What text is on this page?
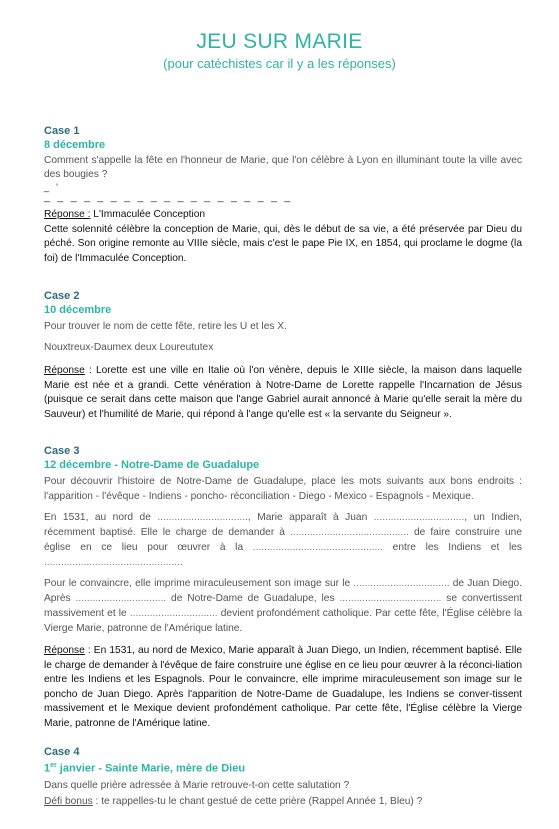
JEU SUR MARIE
(pour catéchistes car il y a les réponses)
Case 1
8 décembre
Comment s'appelle la fête en l'honneur de Marie, que l'on célèbre à Lyon en illuminant toute la ville avec des bougies ?
_ '
_ _ _ _ _ _ _ _ _ _ _ _ _ _ _ _ _ _ _
Réponse : L'Immaculée Conception
Cette solennité célèbre la conception de Marie, qui, dès le début de sa vie, a été préservée par Dieu du péché. Son origine remonte au VIIIe siècle, mais c'est le pape Pie IX, en 1854, qui proclame le dogme (la foi) de l'Immaculée Conception.
Case 2
10 décembre
Pour trouver le nom de cette fête, retire les U et les X.
Nouxtreux-Daumex deux Loureututex
Réponse : Lorette est une ville en Italie où l'on vénère, depuis le XIIIe siècle, la maison dans laquelle Marie est née et a grandi. Cette vénération à Notre-Dame de Lorette rappelle l'Incarnation de Jésus (puisque ce serait dans cette maison que l'ange Gabriel aurait annoncé à Marie qu'elle serait la mère du Sauveur) et l'humilité de Marie, qui répond à l'ange qu'elle est « la servante du Seigneur ».
Case 3
12 décembre - Notre-Dame de Guadalupe
Pour découvrir l'histoire de Notre-Dame de Guadalupe, place les mots suivants aux bons endroits : l'apparition - l'évêque - Indiens - poncho- réconciliation - Diego - Mexico - Espagnols - Mexique.
En 1531, au nord de ................................, Marie apparaît à Juan ................................, un Indien, récemment baptisé. Elle le charge de demander à .......................................... de faire construire une église en ce lieu pour œuvrer à la .............................................. entre les Indiens et les .................................................
Pour le convaincre, elle imprime miraculeusement son image sur le .................................. de Juan Diego. Après ................................ de Notre-Dame de Guadalupe, les .................................... se convertissent massivement et le ............................... devient profondément catholique. Par cette fête, l'Église célèbre la Vierge Marie, patronne de l'Amérique latine.
Réponse : En 1531, au nord de Mexico, Marie apparaît à Juan Diego, un Indien, récemment baptisé. Elle le charge de demander à l'évêque de faire construire une église en ce lieu pour œuvrer à la réconci-liation entre les Indiens et les Espagnols. Pour le convaincre, elle imprime miraculeusement son image sur le poncho de Juan Diego. Après l'apparition de Notre-Dame de Guadalupe, les Indiens se conver-tissent massivement et le Mexique devient profondément catholique. Par cette fête, l'Église célèbre la Vierge Marie, patronne de l'Amérique latine.
Case 4
1er janvier - Sainte Marie, mère de Dieu
Dans quelle prière adressée à Marie retrouve-t-on cette salutation ?
Défi bonus : te rappelles-tu le chant gestué de cette prière (Rappel Année 1, Bleu) ?
